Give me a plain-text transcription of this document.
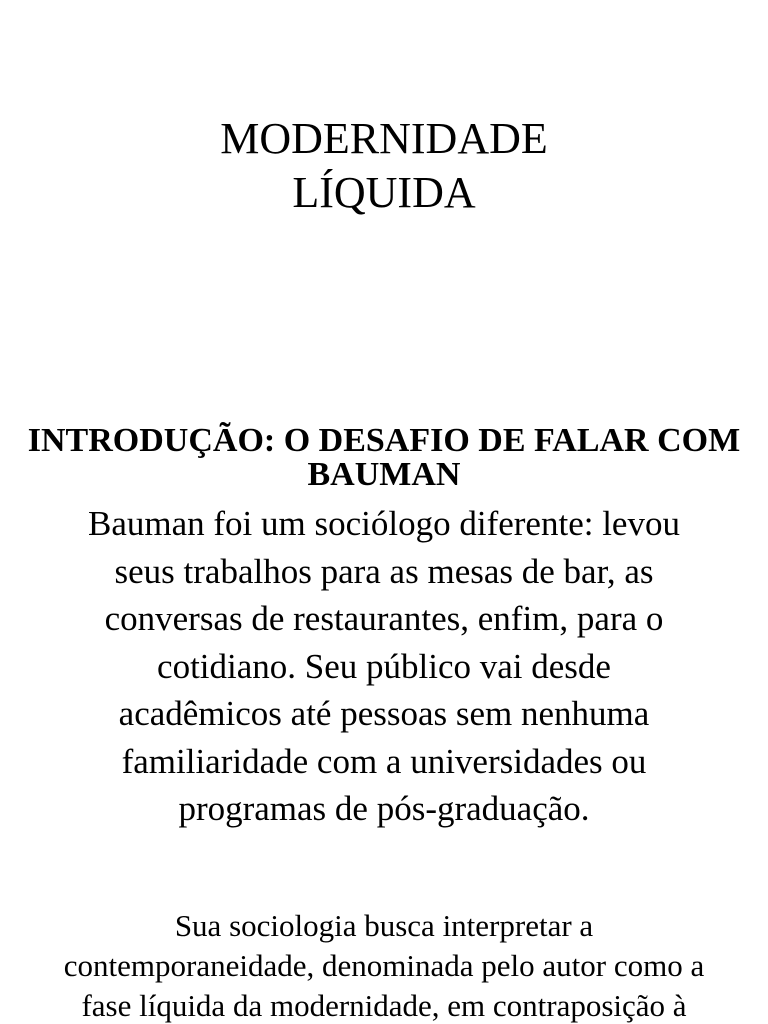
MODERNIDADE
LÍQUIDA
INTRODUÇÃO: O DESAFIO DE FALAR COM
BAUMAN

Bauman foi um sociólogo diferente: levou
seus trabalhos para as mesas de bar, as
conversas de restaurantes, enfim, para o
cotidiano. Seu público vai desde
acadêmicos até pessoas sem nenhuma
familiaridade com a universidades ou
programas de pós-graduação.

Sua sociologia busca interpretar a
contemporaneidade, denominada pelo autor como a
fase líquida da modernidade, em contraposição à
